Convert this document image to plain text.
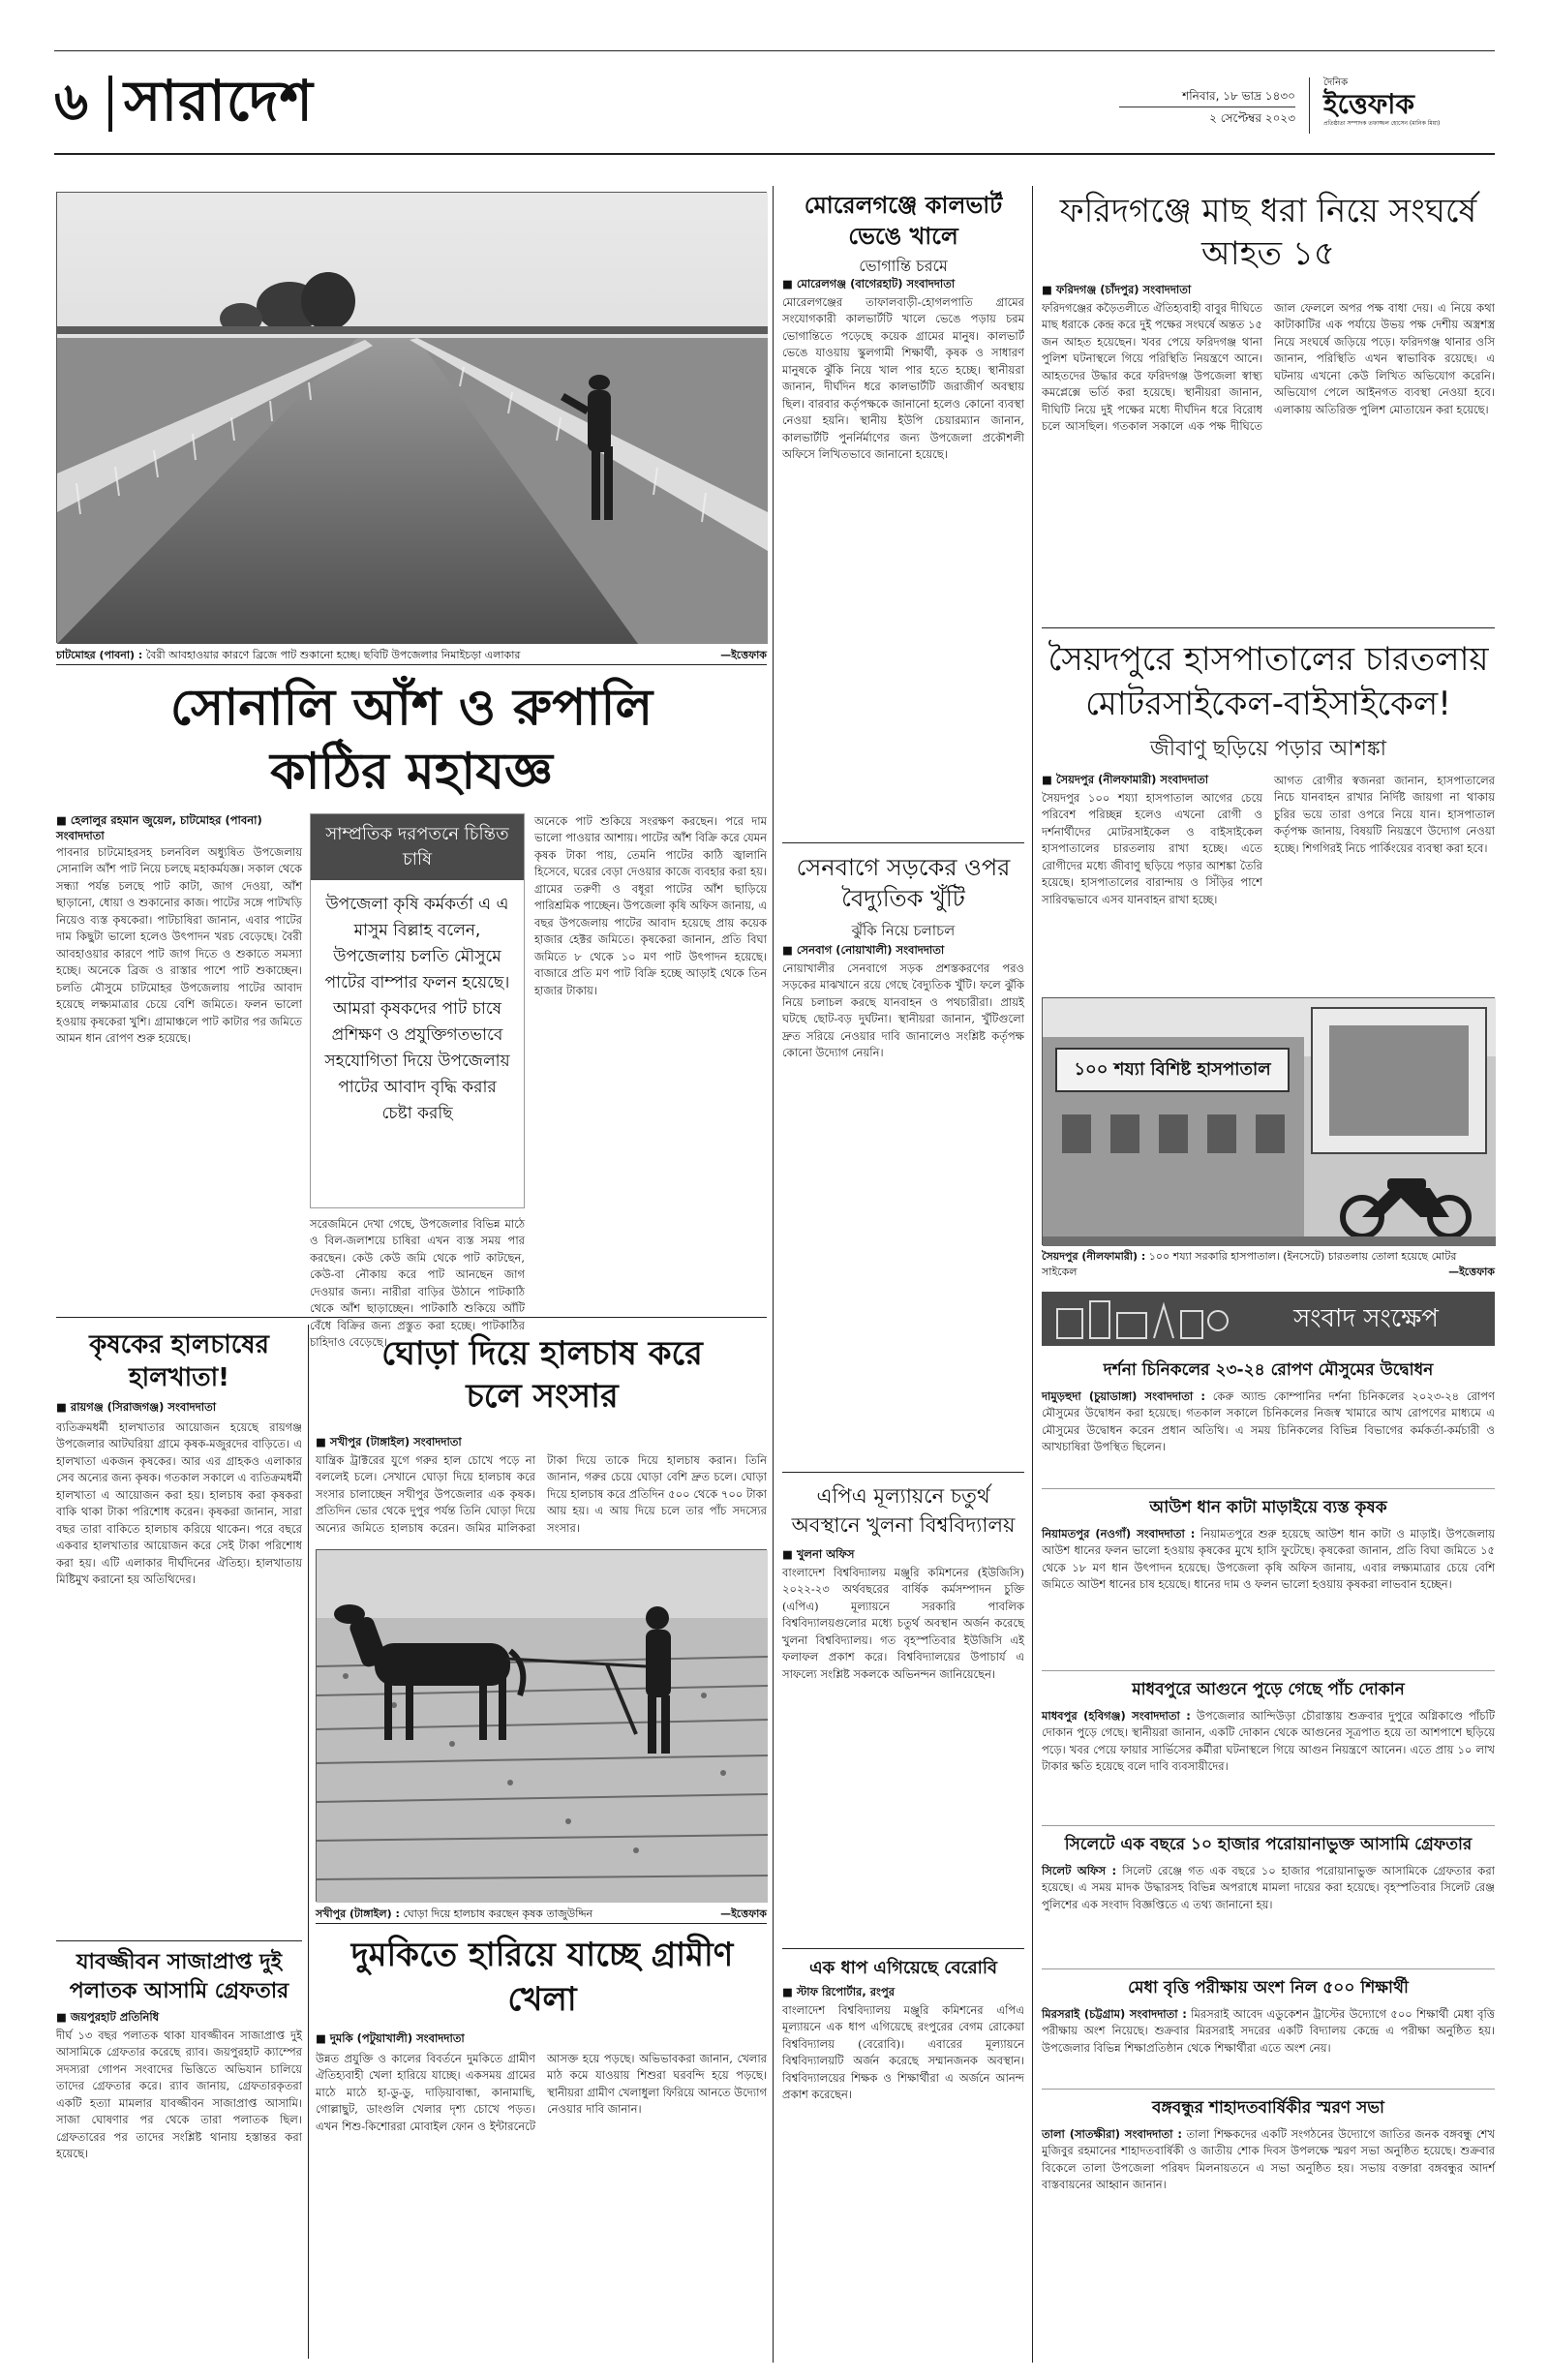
৬ সারাদেশ	শনিবার, ১৮ ভাদ্র ১৪৩০
২ সেপ্টেম্বর ২০২৩
দৈনিক
ইত্তেফাক
প্রতিষ্ঠাতা সম্পাদক তফাজ্জল হোসেন (মানিক মিয়া)
চাটমোহর (পাবনা) : বৈরী আবহাওয়ার কারণে ব্রিজে পাট শুকানো হচ্ছে। ছবিটি উপজেলার নিমাইচড়া এলাকার	—ইত্তেফাক
সোনালি আঁশ ও রুপালি কাঠির মহাযজ্ঞ
■ হেলালুর রহমান জুয়েল, চাটমোহর (পাবনা) সংবাদদাতা
পাবনার চাটমোহরসহ চলনবিল অধ্যুষিত উপজেলায় সোনালি আঁশ পাট নিয়ে চলছে মহাকর্মযজ্ঞ। সকাল থেকে সন্ধ্যা পর্যন্ত চলছে পাট কাটা, জাগ দেওয়া, আঁশ ছাড়ানো, ধোয়া ও শুকানোর কাজ। পাটের সঙ্গে পাটখড়ি নিয়েও ব্যস্ত কৃষকেরা। পাটচাষিরা জানান, এবার পাটের দাম কিছুটা ভালো হলেও উৎপাদন খরচ বেড়েছে। বৈরী আবহাওয়ার কারণে পাট জাগ দিতে ও শুকাতে সমস্যা হচ্ছে। অনেকে ব্রিজ ও রাস্তার পাশে পাট শুকাচ্ছেন। চলতি মৌসুমে চাটমোহর উপজেলায় পাটের আবাদ হয়েছে লক্ষ্যমাত্রার চেয়ে বেশি জমিতে। ফলন ভালো হওয়ায় কৃষকেরা খুশি। গ্রামাঞ্চলে পাট কাটার পর জমিতে আমন ধান রোপণ শুরু হয়েছে।
সাম্প্রতিক দরপতনে চিন্তিত চাষি
উপজেলা কৃষি কর্মকর্তা এ এ মাসুম বিল্লাহ বলেন, উপজেলায় চলতি মৌসুমে পাটের বাম্পার ফলন হয়েছে। আমরা কৃষকদের পাট চাষে প্রশিক্ষণ ও প্রযুক্তিগতভাবে সহযোগিতা দিয়ে উপজেলায় পাটের আবাদ বৃদ্ধি করার চেষ্টা করছি
সরেজমিনে দেখা গেছে, উপজেলার বিভিন্ন মাঠে ও বিল-জলাশয়ে চাষিরা এখন ব্যস্ত সময় পার করছেন। কেউ কেউ জমি থেকে পাট কাটছেন, কেউ-বা নৌকায় করে পাট আনছেন জাগ দেওয়ার জন্য। নারীরা বাড়ির উঠানে পাটকাঠি থেকে আঁশ ছাড়াচ্ছেন। পাটকাঠি শুকিয়ে আঁটি বেঁধে বিক্রির জন্য প্রস্তুত করা হচ্ছে। পাটকাঠির চাহিদাও বেড়েছে।
অনেকে পাট শুকিয়ে সংরক্ষণ করছেন। পরে দাম ভালো পাওয়ার আশায়। পাটের আঁশ বিক্রি করে যেমন কৃষক টাকা পায়, তেমনি পাটের কাঠি জ্বালানি হিসেবে, ঘরের বেড়া দেওয়ার কাজে ব্যবহার করা হয়। গ্রামের তরুণী ও বধূরা পাটের আঁশ ছাড়িয়ে পারিশ্রমিক পাচ্ছেন। উপজেলা কৃষি অফিস জানায়, এ বছর উপজেলায় পাটের আবাদ হয়েছে প্রায় কয়েক হাজার হেক্টর জমিতে। কৃষকেরা জানান, প্রতি বিঘা জমিতে ৮ থেকে ১০ মণ পাট উৎপাদন হয়েছে। বাজারে প্রতি মণ পাট বিক্রি হচ্ছে আড়াই থেকে তিন হাজার টাকায়।
কৃষকের হালচাষের হালখাতা!
■ রায়গঞ্জ (সিরাজগঞ্জ) সংবাদদাতা
ব্যতিক্রমধর্মী হালখাতার আয়োজন হয়েছে রায়গঞ্জ উপজেলার আটঘরিয়া গ্রামে কৃষক-মজুরদের বাড়িতে। এ হালখাতা একজন কৃষকের। আর এর গ্রাহকও এলাকার সেব অন্যের জন্য কৃষক। গতকাল সকালে এ ব্যতিক্রমধর্মী হালখাতা এ আয়োজন করা হয়। হালচাষ করা কৃষকরা বাকি থাকা টাকা পরিশোধ করেন। কৃষকরা জানান, সারা বছর তারা বাকিতে হালচাষ করিয়ে থাকেন। পরে বছরে একবার হালখাতার আয়োজন করে সেই টাকা পরিশোধ করা হয়। এটি এলাকার দীর্ঘদিনের ঐতিহ্য। হালখাতায় মিষ্টিমুখ করানো হয় অতিথিদের।
যাবজ্জীবন সাজাপ্রাপ্ত দুই পলাতক আসামি গ্রেফতার
■ জয়পুরহাট প্রতিনিধি
দীর্ঘ ১৩ বছর পলাতক থাকা যাবজ্জীবন সাজাপ্রাপ্ত দুই আসামিকে গ্রেফতার করেছে র‌্যাব। জয়পুরহাট ক্যাম্পের সদস্যরা গোপন সংবাদের ভিত্তিতে অভিযান চালিয়ে তাদের গ্রেফতার করে। র‌্যাব জানায়, গ্রেফতারকৃতরা একটি হত্যা মামলার যাবজ্জীবন সাজাপ্রাপ্ত আসামি। সাজা ঘোষণার পর থেকে তারা পলাতক ছিল। গ্রেফতারের পর তাদের সংশ্লিষ্ট থানায় হস্তান্তর করা হয়েছে।
ঘোড়া দিয়ে হালচাষ করে চলে সংসার
■ সখীপুর (টাঙ্গাইল) সংবাদদাতা
যান্ত্রিক ট্রাক্টরের যুগে গরুর হাল চোখে পড়ে না বললেই চলে। সেখানে ঘোড়া দিয়ে হালচাষ করে সংসার চালাচ্ছেন সখীপুর উপজেলার এক কৃষক। প্রতিদিন ভোর থেকে দুপুর পর্যন্ত তিনি ঘোড়া দিয়ে অন্যের জমিতে হালচাষ করেন। জমির মালিকরা টাকা দিয়ে তাকে দিয়ে হালচাষ করান। তিনি জানান, গরুর চেয়ে ঘোড়া বেশি দ্রুত চলে। ঘোড়া দিয়ে হালচাষ করে প্রতিদিন ৫০০ থেকে ৭০০ টাকা আয় হয়। এ আয় দিয়ে চলে তার পাঁচ সদস্যের সংসার।
সখীপুর (টাঙ্গাইল) : ঘোড়া দিয়ে হালচাষ করছেন কৃষক তাজুউদ্দিন	—ইত্তেফাক
দুমকিতে হারিয়ে যাচ্ছে গ্রামীণ খেলা
■ দুমকি (পটুয়াখালী) সংবাদদাতা
উন্নত প্রযুক্তি ও কালের বিবর্তনে দুমকিতে গ্রামীণ ঐতিহ্যবাহী খেলা হারিয়ে যাচ্ছে। একসময় গ্রামের মাঠে মাঠে হা-ডু-ডু, দাড়িয়াবান্ধা, কানামাছি, গোল্লাছুট, ডাংগুলি খেলার দৃশ্য চোখে পড়ত। এখন শিশু-কিশোররা মোবাইল ফোন ও ইন্টারনেটে আসক্ত হয়ে পড়ছে। অভিভাবকরা জানান, খেলার মাঠ কমে যাওয়ায় শিশুরা ঘরবন্দি হয়ে পড়ছে। স্থানীয়রা গ্রামীণ খেলাধুলা ফিরিয়ে আনতে উদ্যোগ নেওয়ার দাবি জানান।
মোরেলগঞ্জে কালভার্ট ভেঙে খালে
ভোগান্তি চরমে
■ মোরেলগঞ্জ (বাগেরহাট) সংবাদদাতা
মোরেলগঞ্জের তাফালবাড়ী-হোগলপাতি গ্রামের সংযোগকারী কালভার্টটি খালে ভেঙে পড়ায় চরম ভোগান্তিতে পড়েছে কয়েক গ্রামের মানুষ। কালভার্ট ভেঙে যাওয়ায় স্কুলগামী শিক্ষার্থী, কৃষক ও সাধারণ মানুষকে ঝুঁকি নিয়ে খাল পার হতে হচ্ছে। স্থানীয়রা জানান, দীর্ঘদিন ধরে কালভার্টটি জরাজীর্ণ অবস্থায় ছিল। বারবার কর্তৃপক্ষকে জানানো হলেও কোনো ব্যবস্থা নেওয়া হয়নি। স্থানীয় ইউপি চেয়ারম্যান জানান, কালভার্টটি পুনর্নির্মাণের জন্য উপজেলা প্রকৌশলী অফিসে লিখিতভাবে জানানো হয়েছে।
সেনবাগে সড়কের ওপর বৈদ্যুতিক খুঁটি
ঝুঁকি নিয়ে চলাচল
■ সেনবাগ (নোয়াখালী) সংবাদদাতা
নোয়াখালীর সেনবাগে সড়ক প্রশস্তকরণের পরও সড়কের মাঝখানে রয়ে গেছে বৈদ্যুতিক খুঁটি। ফলে ঝুঁকি নিয়ে চলাচল করছে যানবাহন ও পথচারীরা। প্রায়ই ঘটছে ছোট-বড় দুর্ঘটনা। স্থানীয়রা জানান, খুঁটিগুলো দ্রুত সরিয়ে নেওয়ার দাবি জানালেও সংশ্লিষ্ট কর্তৃপক্ষ কোনো উদ্যোগ নেয়নি।
এপিএ মূল্যায়নে চতুর্থ অবস্থানে খুলনা বিশ্ববিদ্যালয়
■ খুলনা অফিস
বাংলাদেশ বিশ্ববিদ্যালয় মঞ্জুরি কমিশনের (ইউজিসি) ২০২২-২৩ অর্থবছরের বার্ষিক কর্মসম্পাদন চুক্তি (এপিএ) মূল্যায়নে সরকারি পাবলিক বিশ্ববিদ্যালয়গুলোর মধ্যে চতুর্থ অবস্থান অর্জন করেছে খুলনা বিশ্ববিদ্যালয়। গত বৃহস্পতিবার ইউজিসি এই ফলাফল প্রকাশ করে। বিশ্ববিদ্যালয়ের উপাচার্য এ সাফল্যে সংশ্লিষ্ট সকলকে অভিনন্দন জানিয়েছেন।
এক ধাপ এগিয়েছে বেরোবি
■ স্টাফ রিপোর্টার, রংপুর
বাংলাদেশ বিশ্ববিদ্যালয় মঞ্জুরি কমিশনের এপিএ মূল্যায়নে এক ধাপ এগিয়েছে রংপুরের বেগম রোকেয়া বিশ্ববিদ্যালয় (বেরোবি)। এবারের মূল্যায়নে বিশ্ববিদ্যালয়টি অর্জন করেছে সম্মানজনক অবস্থান। বিশ্ববিদ্যালয়ের শিক্ষক ও শিক্ষার্থীরা এ অর্জনে আনন্দ প্রকাশ করেছেন।
ফরিদগঞ্জে মাছ ধরা নিয়ে সংঘর্ষে আহত ১৫
■ ফরিদগঞ্জ (চাঁদপুর) সংবাদদাতা
ফরিদগঞ্জের কড়ৈতলীতে ঐতিহ্যবাহী বাবুর দীঘিতে মাছ ধরাকে কেন্দ্র করে দুই পক্ষের সংঘর্ষে অন্তত ১৫ জন আহত হয়েছেন। খবর পেয়ে ফরিদগঞ্জ থানা পুলিশ ঘটনাস্থলে গিয়ে পরিস্থিতি নিয়ন্ত্রণে আনে। আহতদের উদ্ধার করে ফরিদগঞ্জ উপজেলা স্বাস্থ্য কমপ্লেক্সে ভর্তি করা হয়েছে। স্থানীয়রা জানান, দীঘিটি নিয়ে দুই পক্ষের মধ্যে দীর্ঘদিন ধরে বিরোধ চলে আসছিল। গতকাল সকালে এক পক্ষ দীঘিতে জাল ফেললে অপর পক্ষ বাধা দেয়। এ নিয়ে কথা কাটাকাটির এক পর্যায়ে উভয় পক্ষ দেশীয় অস্ত্রশস্ত্র নিয়ে সংঘর্ষে জড়িয়ে পড়ে। ফরিদগঞ্জ থানার ওসি জানান, পরিস্থিতি এখন স্বাভাবিক রয়েছে। এ ঘটনায় এখনো কেউ লিখিত অভিযোগ করেনি। অভিযোগ পেলে আইনগত ব্যবস্থা নেওয়া হবে। এলাকায় অতিরিক্ত পুলিশ মোতায়েন করা হয়েছে।
সৈয়দপুরে হাসপাতালের চারতলায় মোটরসাইকেল-বাইসাইকেল!
জীবাণু ছড়িয়ে পড়ার আশঙ্কা
■ সৈয়দপুর (নীলফামারী) সংবাদদাতা
সৈয়দপুর ১০০ শয্যা হাসপাতাল আগের চেয়ে পরিবেশ পরিচ্ছন্ন হলেও এখনো রোগী ও দর্শনার্থীদের মোটরসাইকেল ও বাইসাইকেল হাসপাতালের চারতলায় রাখা হচ্ছে। এতে রোগীদের মধ্যে জীবাণু ছড়িয়ে পড়ার আশঙ্কা তৈরি হয়েছে। হাসপাতালের বারান্দায় ও সিঁড়ির পাশে সারিবদ্ধভাবে এসব যানবাহন রাখা হচ্ছে।
আগত রোগীর স্বজনরা জানান, হাসপাতালের নিচে যানবাহন রাখার নির্দিষ্ট জায়গা না থাকায় চুরির ভয়ে তারা ওপরে নিয়ে যান। হাসপাতাল কর্তৃপক্ষ জানায়, বিষয়টি নিয়ন্ত্রণে উদ্যোগ নেওয়া হচ্ছে। শিগগিরই নিচে পার্কিংয়ের ব্যবস্থা করা হবে।
১০০ শয্যা বিশিষ্ট হাসপাতাল
সৈয়দপুর (নীলফামারী) : ১০০ শয্যা সরকারি হাসপাতাল। (ইনসেটে) চারতলায় তোলা হয়েছে মোটর সাইকেল	—ইত্তেফাক
সংবাদ সংক্ষেপ
দর্শনা চিনিকলের ২৩-২৪ রোপণ মৌসুমের উদ্বোধন
দামুড়হুদা (চুয়াডাঙ্গা) সংবাদদাতা : কেরু অ্যান্ড কোম্পানির দর্শনা চিনিকলের ২০২৩-২৪ রোপণ মৌসুমের উদ্বোধন করা হয়েছে। গতকাল সকালে চিনিকলের নিজস্ব খামারে আখ রোপণের মাধ্যমে এ মৌসুমের উদ্বোধন করেন প্রধান অতিথি। এ সময় চিনিকলের বিভিন্ন বিভাগের কর্মকর্তা-কর্মচারী ও আখচাষিরা উপস্থিত ছিলেন।
আউশ ধান কাটা মাড়াইয়ে ব্যস্ত কৃষক
নিয়ামতপুর (নওগাঁ) সংবাদদাতা : নিয়ামতপুরে শুরু হয়েছে আউশ ধান কাটা ও মাড়াই। উপজেলায় আউশ ধানের ফলন ভালো হওয়ায় কৃষকের মুখে হাসি ফুটেছে। কৃষকেরা জানান, প্রতি বিঘা জমিতে ১৫ থেকে ১৮ মণ ধান উৎপাদন হয়েছে। উপজেলা কৃষি অফিস জানায়, এবার লক্ষ্যমাত্রার চেয়ে বেশি জমিতে আউশ ধানের চাষ হয়েছে। ধানের দাম ও ফলন ভালো হওয়ায় কৃষকরা লাভবান হচ্ছেন।
মাধবপুরে আগুনে পুড়ে গেছে পাঁচ দোকান
মাধবপুর (হবিগঞ্জ) সংবাদদাতা : উপজেলার আন্দিউড়া চৌরাস্তায় শুক্রবার দুপুরে অগ্নিকাণ্ডে পাঁচটি দোকান পুড়ে গেছে। স্থানীয়রা জানান, একটি দোকান থেকে আগুনের সূত্রপাত হয়ে তা আশপাশে ছড়িয়ে পড়ে। খবর পেয়ে ফায়ার সার্ভিসের কর্মীরা ঘটনাস্থলে গিয়ে আগুন নিয়ন্ত্রণে আনেন। এতে প্রায় ১০ লাখ টাকার ক্ষতি হয়েছে বলে দাবি ব্যবসায়ীদের।
সিলেটে এক বছরে ১০ হাজার পরোয়ানাভুক্ত আসামি গ্রেফতার
সিলেট অফিস : সিলেট রেঞ্জে গত এক বছরে ১০ হাজার পরোয়ানাভুক্ত আসামিকে গ্রেফতার করা হয়েছে। এ সময় মাদক উদ্ধারসহ বিভিন্ন অপরাধে মামলা দায়ের করা হয়েছে। বৃহস্পতিবার সিলেট রেঞ্জ পুলিশের এক সংবাদ বিজ্ঞপ্তিতে এ তথ্য জানানো হয়।
মেধা বৃত্তি পরীক্ষায় অংশ নিল ৫০০ শিক্ষার্থী
মিরসরাই (চট্টগ্রাম) সংবাদদাতা : মিরসরাই আবেদ এডুকেশন ট্রাস্টের উদ্যোগে ৫০০ শিক্ষার্থী মেধা বৃত্তি পরীক্ষায় অংশ নিয়েছে। শুক্রবার মিরসরাই সদরের একটি বিদ্যালয় কেন্দ্রে এ পরীক্ষা অনুষ্ঠিত হয়। উপজেলার বিভিন্ন শিক্ষাপ্রতিষ্ঠান থেকে শিক্ষার্থীরা এতে অংশ নেয়।
বঙ্গবন্ধুর শাহাদতবার্ষিকীর স্মরণ সভা
তালা (সাতক্ষীরা) সংবাদদাতা : তালা শিক্ষকদের একটি সংগঠনের উদ্যোগে জাতির জনক বঙ্গবন্ধু শেখ মুজিবুর রহমানের শাহাদতবার্ষিকী ও জাতীয় শোক দিবস উপলক্ষে স্মরণ সভা অনুষ্ঠিত হয়েছে। শুক্রবার বিকেলে তালা উপজেলা পরিষদ মিলনায়তনে এ সভা অনুষ্ঠিত হয়। সভায় বক্তারা বঙ্গবন্ধুর আদর্শ বাস্তবায়নের আহ্বান জানান।
